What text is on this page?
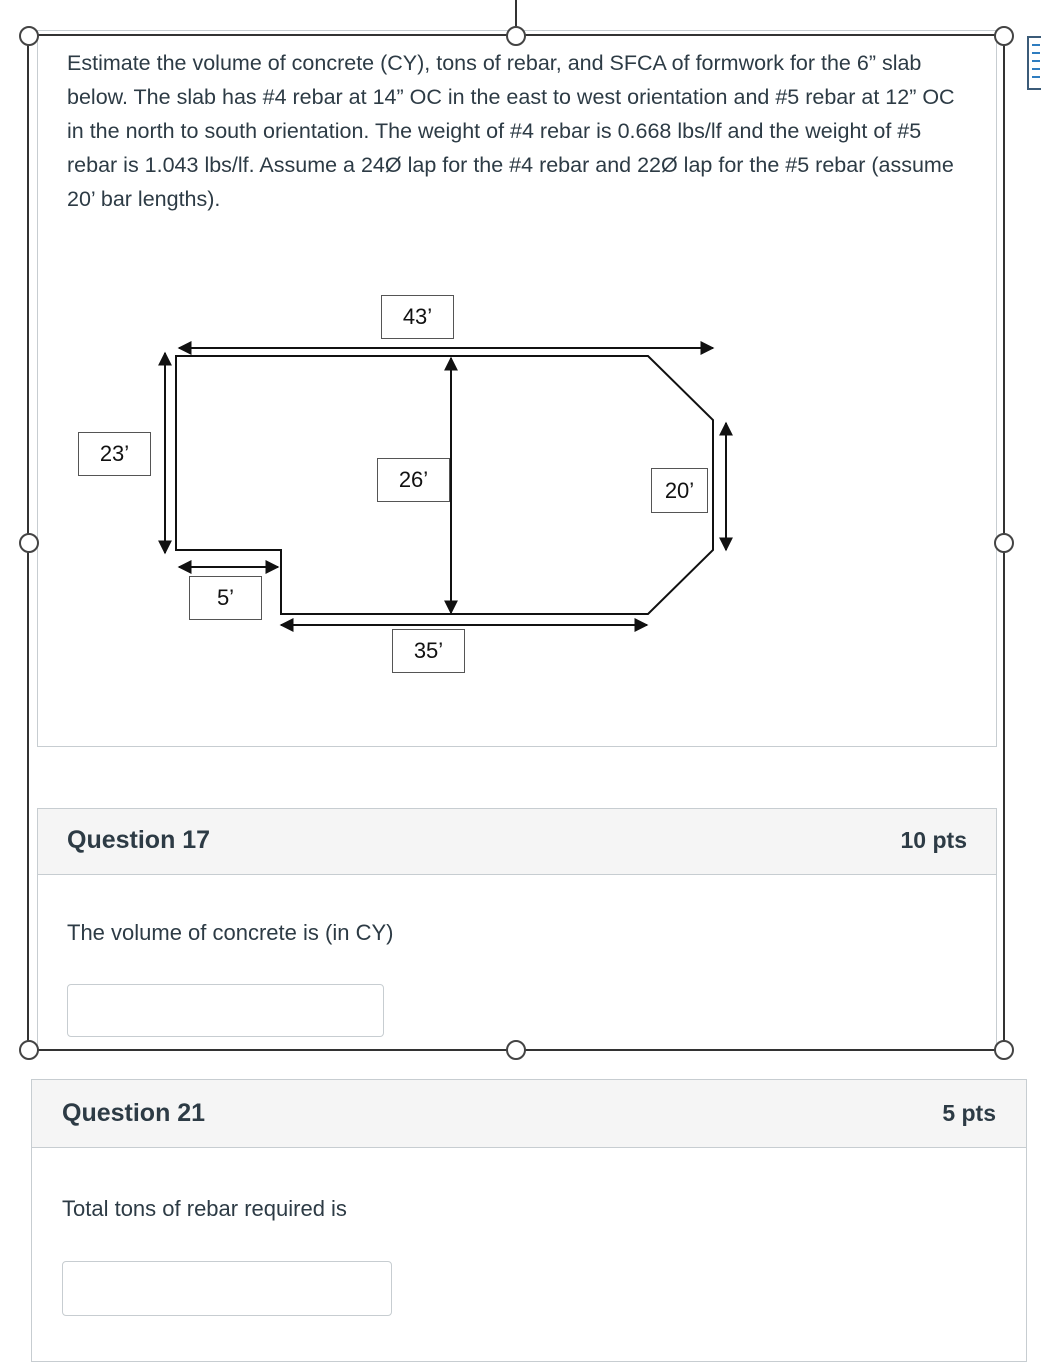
Estimate the volume of concrete (CY), tons of rebar, and SFCA of formwork for the 6” slab below. The slab has #4 rebar at 14” OC in the east to west orientation and #5 rebar at 12” OC in the north to south orientation. The weight of #4 rebar is 0.668 lbs/lf and the weight of #5 rebar is 1.043 lbs/lf. Assume a 24Ø lap for the #4 rebar and 22Ø lap for the #5 rebar (assume 20’ bar lengths).
43’
23’
26’	20’
5’
35’
Question 17	10 pts
The volume of concrete is (in CY)
Question 21	5 pts
Total tons of rebar required is
